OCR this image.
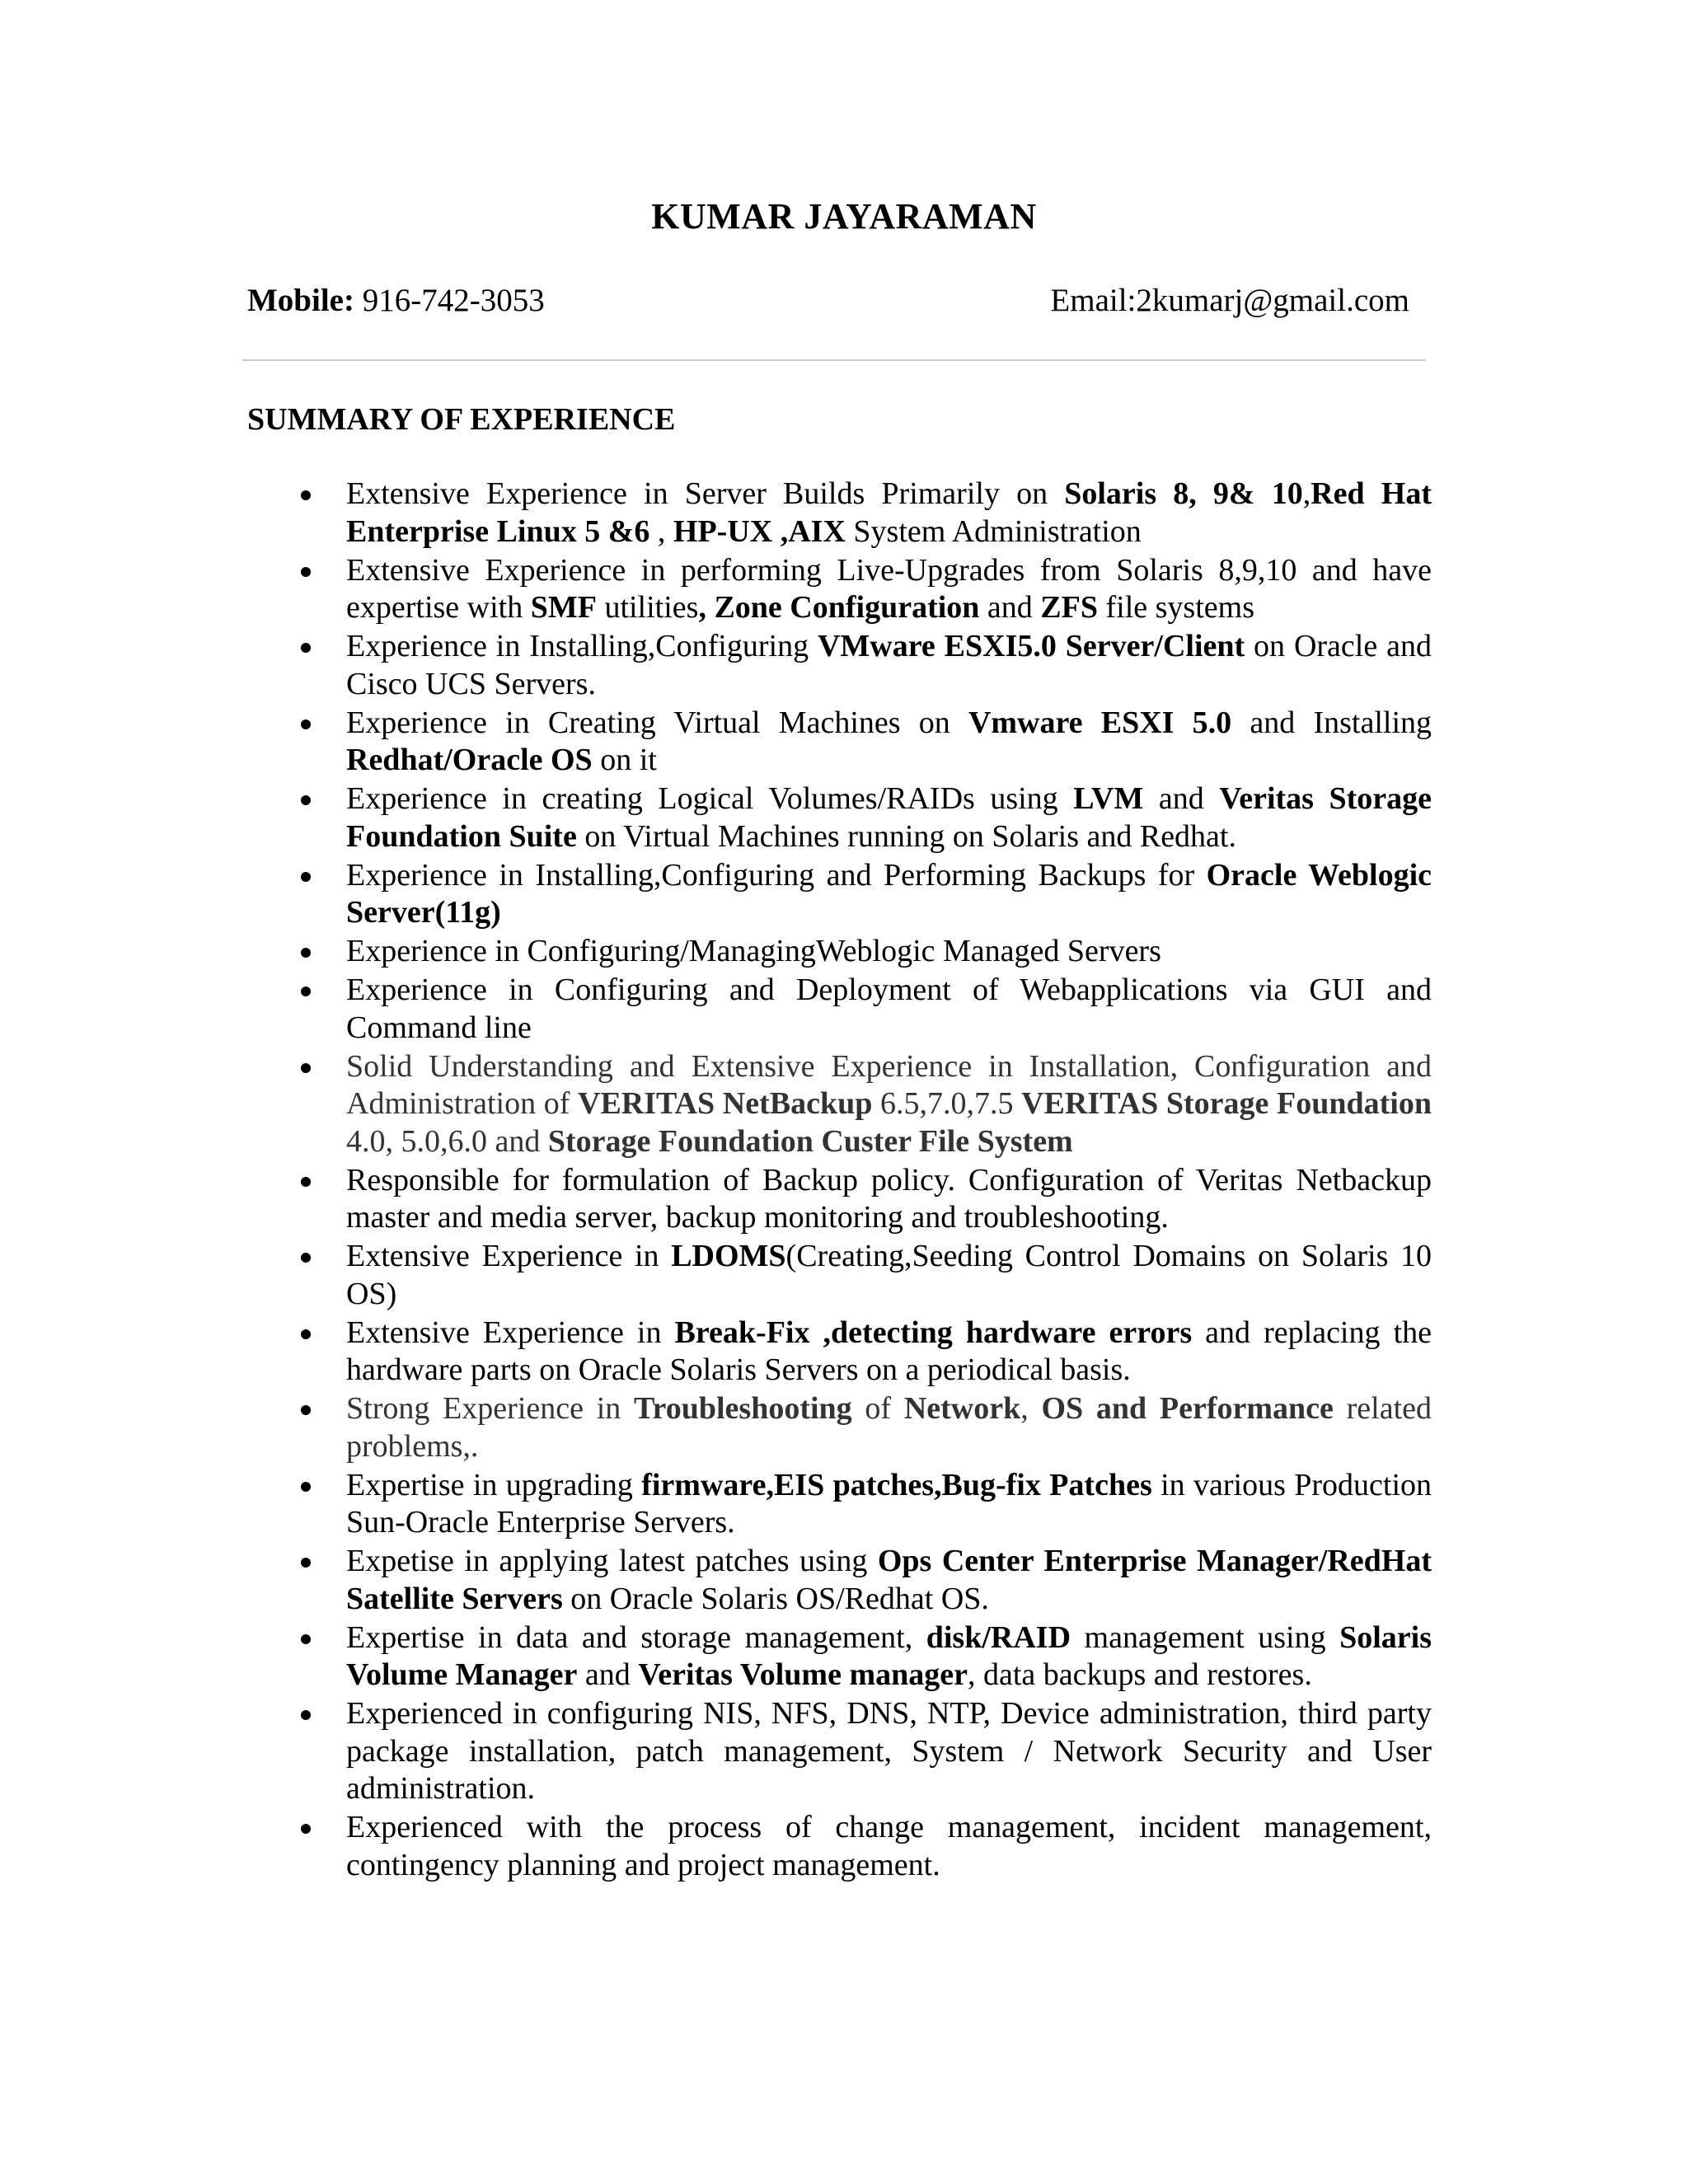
KUMAR JAYARAMAN
Mobile: 916-742-3053	Email:2kumarj@gmail.com
SUMMARY OF EXPERIENCE
Extensive Experience in Server Builds Primarily on Solaris 8, 9& 10,Red Hat Enterprise Linux 5 &6 , HP-UX ,AIX System Administration
Extensive Experience in performing Live-Upgrades from Solaris 8,9,10 and have expertise with SMF utilities, Zone Configuration and ZFS file systems
Experience in Installing,Configuring VMware ESXI5.0 Server/Client on Oracle and Cisco UCS Servers.
Experience in Creating Virtual Machines on Vmware ESXI 5.0 and Installing Redhat/Oracle OS on it
Experience in creating Logical Volumes/RAIDs using LVM and Veritas Storage Foundation Suite on Virtual Machines running on Solaris and Redhat.
Experience in Installing,Configuring and Performing Backups for Oracle Weblogic Server(11g)
Experience in Configuring/ManagingWeblogic Managed Servers
Experience in Configuring and Deployment of Webapplications via GUI and Command line
Solid Understanding and Extensive Experience in Installation, Configuration and Administration of VERITAS NetBackup 6.5,7.0,7.5 VERITAS Storage Foundation 4.0, 5.0,6.0 and Storage Foundation Custer File System
Responsible for formulation of Backup policy. Configuration of Veritas Netbackup master and media server, backup monitoring and troubleshooting.
Extensive Experience in LDOMS(Creating,Seeding Control Domains on Solaris 10 OS)
Extensive Experience in Break-Fix ,detecting hardware errors and replacing the hardware parts on Oracle Solaris Servers on a periodical basis.
Strong Experience in Troubleshooting of Network, OS and Performance related problems,.
Expertise in upgrading firmware,EIS patches,Bug-fix Patches in various Production Sun-Oracle Enterprise Servers.
Expetise in applying latest patches using Ops Center Enterprise Manager/RedHat Satellite Servers on Oracle Solaris OS/Redhat OS.
Expertise in data and storage management, disk/RAID management using Solaris Volume Manager and Veritas Volume manager, data backups and restores.
Experienced in configuring NIS, NFS, DNS, NTP, Device administration, third party package installation, patch management, System / Network Security and User administration.
Experienced with the process of change management, incident management, contingency planning and project management.
